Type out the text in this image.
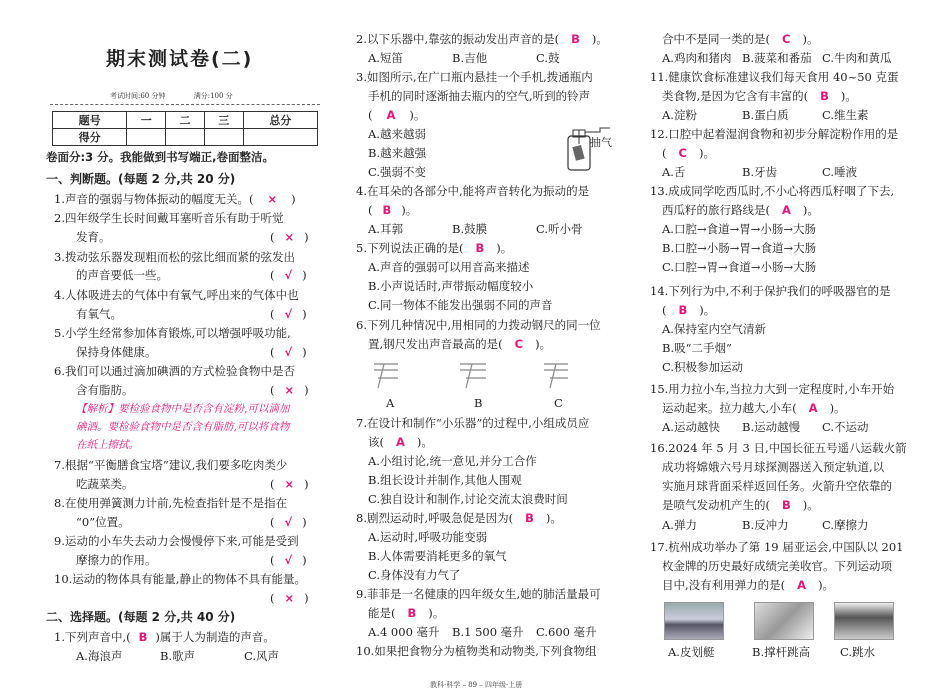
期末测试卷(二)
考试时间:60 分钟	满分:100 分
题号	一	二	三	总分
得分				
卷面分:3 分。我能做到书写端正,卷面整洁。
一、判断题。(每题 2 分,共 20 分)
1.声音的强弱与物体振动的幅度无关。( × )
2.四年级学生长时间戴耳塞听音乐有助于听觉
发育。	( × )
3.拨动弦乐器发现粗而松的弦比细而紧的弦发出
的声音要低一些。	( √ )
4.人体吸进去的气体中有氧气,呼出来的气体中也
有氧气。	( √ )
5.小学生经常参加体育锻炼,可以增强呼吸功能,
保持身体健康。	( √ )
6.我们可以通过滴加碘酒的方式检验食物中是否
含有脂肪。	( × )
【解析】要检验食物中是否含有淀粉,可以滴加
碘酒。要检验食物中是否含有脂肪,可以将食物
在纸上擦拭。
7.根据“平衡膳食宝塔”建议,我们要多吃肉类少
吃蔬菜类。	( × )
8.在使用弹簧测力计前,先检查指针是不是指在
“0”位置。	( √ )
9.运动的小车失去动力会慢慢停下来,可能是受到
摩擦力的作用。	( √ )
10.运动的物体具有能量,静止的物体不具有能量。
( × )
二、选择题。(每题 2 分,共 40 分)
1.下列声音中,( B )属于人为制造的声音。
A.海浪声	B.歌声	C.风声
2.以下乐器中,靠弦的振动发出声音的是( B )。
A.短笛	B.吉他	C.鼓
3.如图所示,在广口瓶内悬挂一个手机,拨通瓶内
手机的同时逐渐抽去瓶内的空气,听到的铃声
( A )。
A.越来越弱
B.越来越强
C.强弱不变
抽气
4.在耳朵的各部分中,能将声音转化为振动的是
( B )。
A.耳郭	B.鼓膜	C.听小骨
5.下列说法正确的是( B )。
A.声音的强弱可以用音高来描述
B.小声说话时,声带振动幅度较小
C.同一物体不能发出强弱不同的声音
6.下列几种情况中,用相同的力拨动钢尺的同一位
置,钢尺发出声音最高的是( C )。
A	B	C
7.在设计和制作“小乐器”的过程中,小组成员应
该( A )。
A.小组讨论,统一意见,并分工合作
B.组长设计并制作,其他人围观
C.独自设计和制作,讨论交流太浪费时间
8.剧烈运动时,呼吸急促是因为( B )。
A.运动时,呼吸功能变弱
B.人体需要消耗更多的氧气
C.身体没有力气了
9.菲菲是一名健康的四年级女生,她的肺活量最可
能是( B )。
A.4 000 毫升 B.1 500 毫升 C.600 毫升
10.如果把食物分为植物类和动物类,下列食物组
合中不是同一类的是( C )。
A.鸡肉和猪肉 B.菠菜和番茄 C.牛肉和黄瓜
11.健康饮食标准建议我们每天食用 40~50 克蛋
类食物,是因为它含有丰富的( B )。
A.淀粉	B.蛋白质	C.维生素
12.口腔中起着湿润食物和初步分解淀粉作用的是
( C )。
A.舌	B.牙齿	C.唾液
13.成成同学吃西瓜时,不小心将西瓜籽咽了下去,
西瓜籽的旅行路线是( A )。
A.口腔→食道→胃→小肠→大肠
B.口腔→小肠→胃→食道→大肠
C.口腔→胃→食道→小肠→大肠
14.下列行为中,不利于保护我们的呼吸器官的是
( B )。
A.保持室内空气清新
B.吸“二手烟”
C.积极参加运动
15.用力拉小车,当拉力大到一定程度时,小车开始
运动起来。拉力越大,小车( A )。
A.运动越快 B.运动越慢 C.不运动
16.2024 年 5 月 3 日,中国长征五号遥八运载火箭
成功将嫦娥六号月球探测器送入预定轨道,以
实施月球背面采样返回任务。火箭升空依靠的
是喷气发动机产生的( B )。
A.弹力	B.反冲力	C.摩擦力
17.杭州成功举办了第 19 届亚运会,中国队以 201
枚金牌的历史最好成绩完美收官。下列运动项
目中,没有利用弹力的是( A )。
A.皮划艇	B.撑杆跳高	C.跳水
教科·科学 – 89 – 四年级·上册
